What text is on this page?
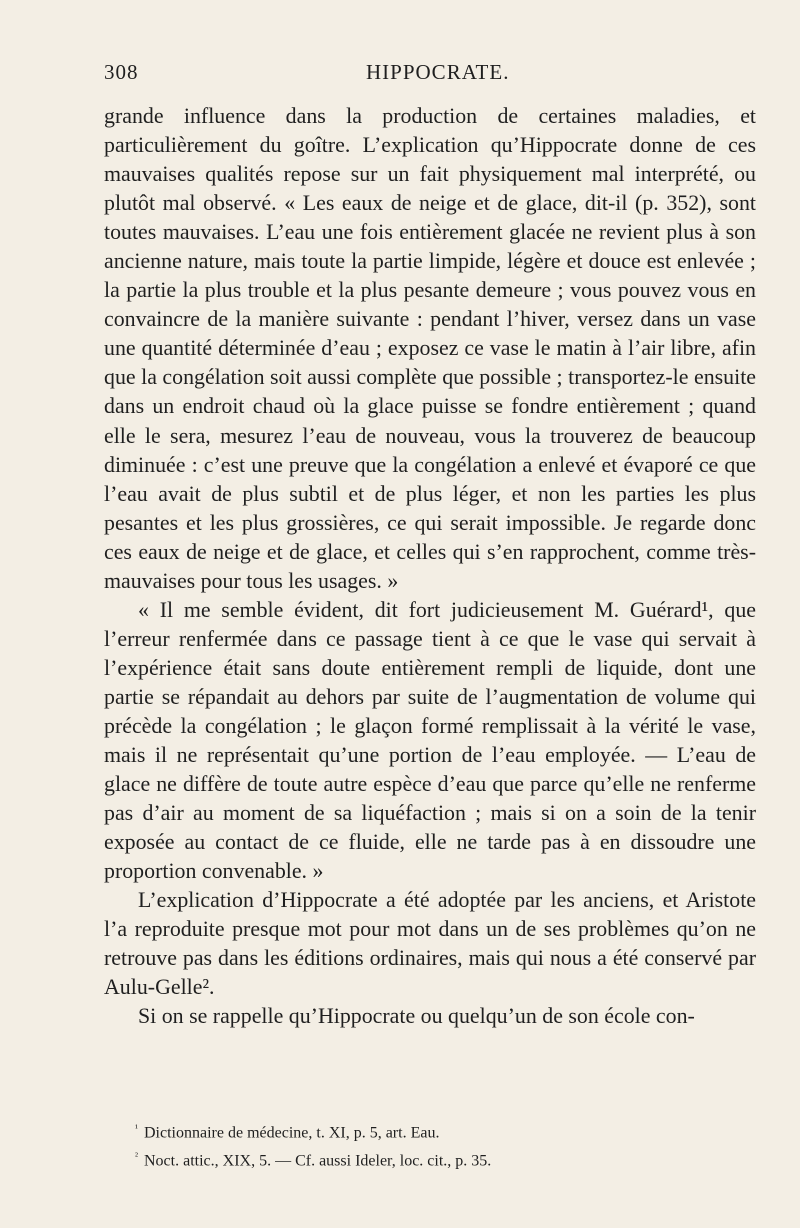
308	HIPPOCRATE.

grande influence dans la production de certaines maladies, et particulièrement du goître. L’explication qu’Hippocrate donne de ces mauvaises qualités repose sur un fait physiquement mal interprété, ou plutôt mal observé. « Les eaux de neige et de glace, dit-il (p. 352), sont toutes mauvaises. L’eau une fois entièrement glacée ne revient plus à son ancienne nature, mais toute la partie limpide, légère et douce est enlevée ; la partie la plus trouble et la plus pesante demeure ; vous pouvez vous en convaincre de la manière suivante : pendant l’hiver, versez dans un vase une quantité déterminée d’eau ; exposez ce vase le matin à l’air libre, afin que la congélation soit aussi complète que possible ; transportez-le ensuite dans un endroit chaud où la glace puisse se fondre entièrement ; quand elle le sera, mesurez l’eau de nouveau, vous la trouverez de beaucoup diminuée : c’est une preuve que la congélation a enlevé et évaporé ce que l’eau avait de plus subtil et de plus léger, et non les parties les plus pesantes et les plus grossières, ce qui serait impossible. Je regarde donc ces eaux de neige et de glace, et celles qui s’en rapprochent, comme très-mauvaises pour tous les usages. »

« Il me semble évident, dit fort judicieusement M. Guérard¹, que l’erreur renfermée dans ce passage tient à ce que le vase qui servait à l’expérience était sans doute entièrement rempli de liquide, dont une partie se répandait au dehors par suite de l’augmentation de volume qui précède la congélation ; le glaçon formé remplissait à la vérité le vase, mais il ne représentait qu’une portion de l’eau employée. — L’eau de glace ne diffère de toute autre espèce d’eau que parce qu’elle ne renferme pas d’air au moment de sa liquéfaction ; mais si on a soin de la tenir exposée au contact de ce fluide, elle ne tarde pas à en dissoudre une proportion convenable. »

L’explication d’Hippocrate a été adoptée par les anciens, et Aristote l’a reproduite presque mot pour mot dans un de ses problèmes qu’on ne retrouve pas dans les éditions ordinaires, mais qui nous a été conservé par Aulu-Gelle².

Si on se rappelle qu’Hippocrate ou quelqu’un de son école con-

$^{^1}$ Dictionnaire de médecine, t. XI, p. 5, art. Eau.

$^{^2}$ Noct. attic., XIX, 5. — Cf. aussi Ideler, loc. cit., p. 35.
